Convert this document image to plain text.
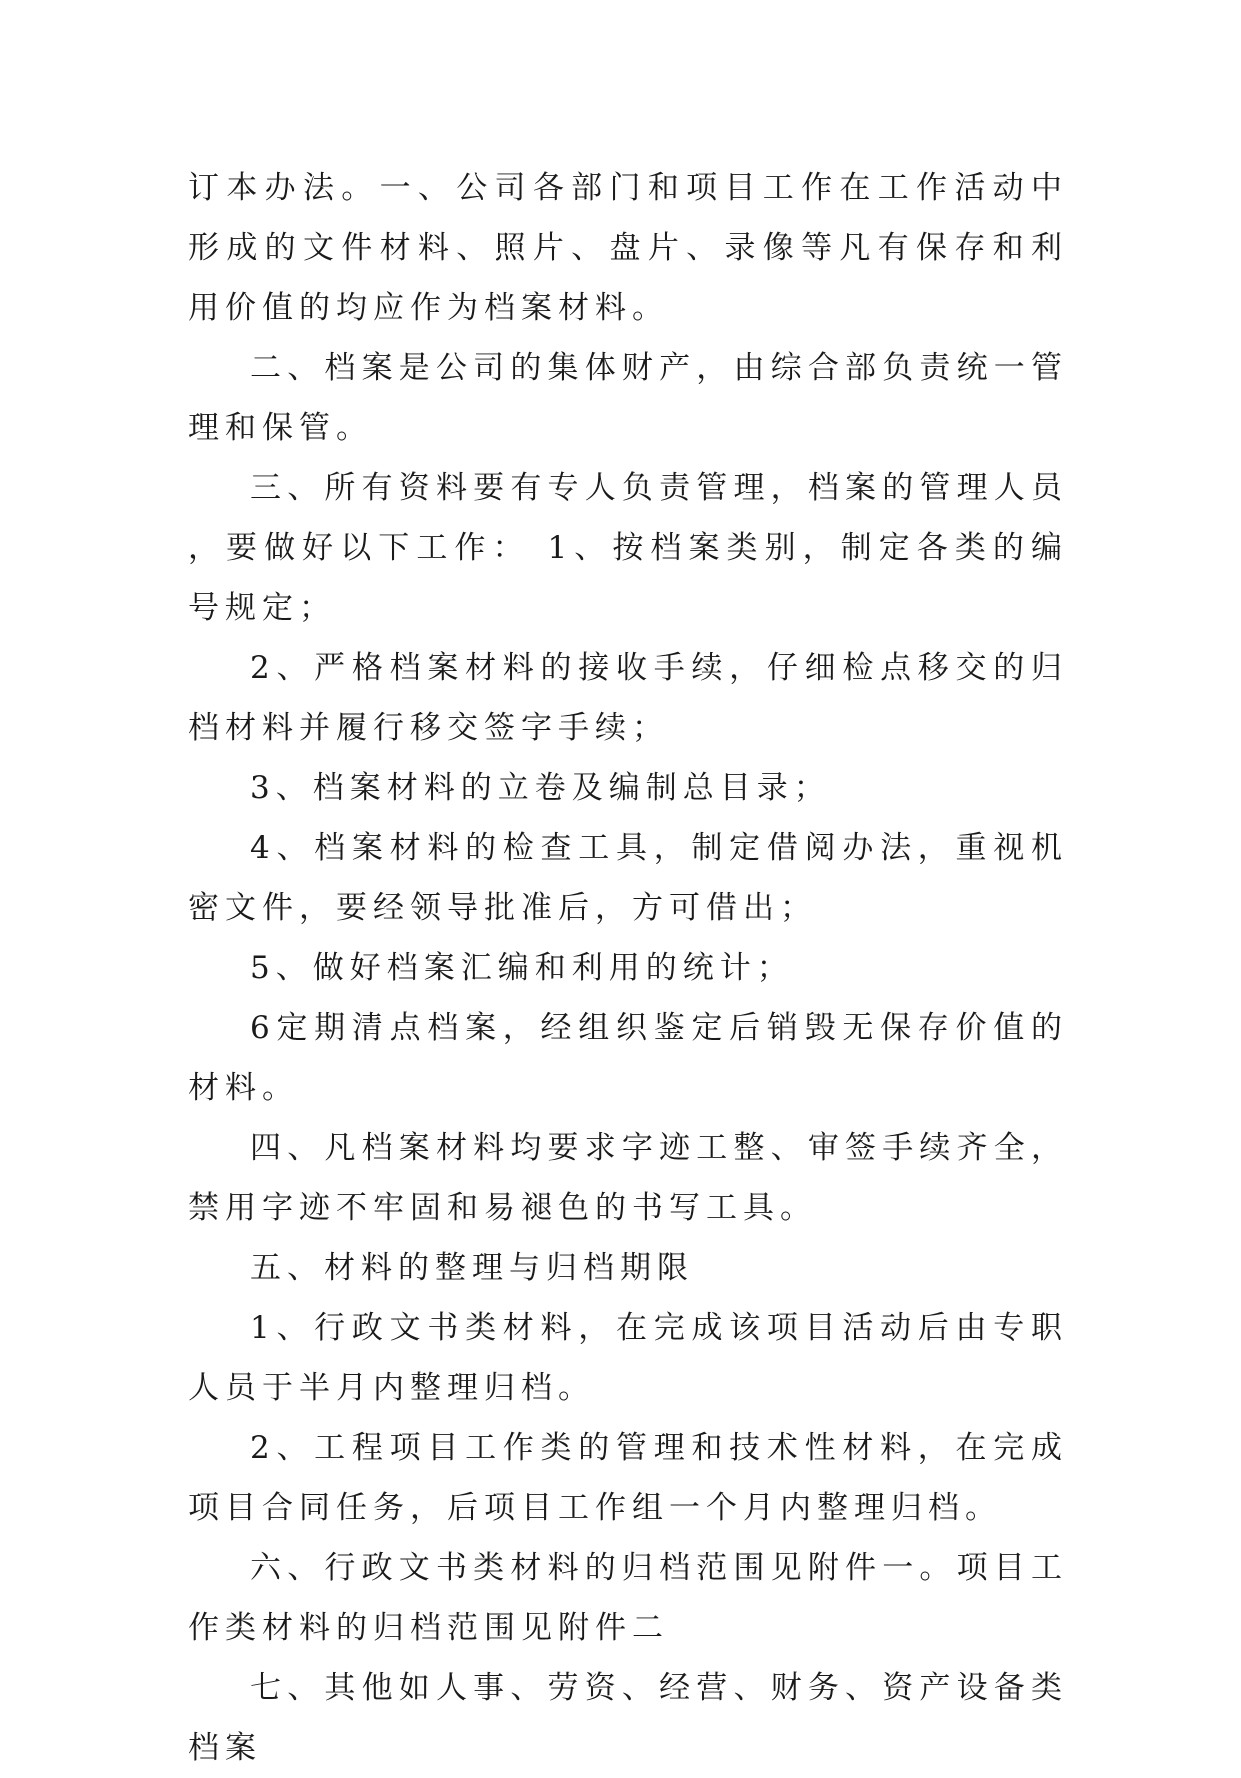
订本办法。一、公司各部门和项目工作在工作活动中形成的文件材料、照片、盘片、录像等凡有保存和利用价值的均应作为档案材料。

二、档案是公司的集体财产，由综合部负责统一管理和保管。

三、所有资料要有专人负责管理，档案的管理人员，要做好以下工作： 1、按档案类别，制定各类的编号规定；

2、严格档案材料的接收手续，仔细检点移交的归档材料并履行移交签字手续；

3、档案材料的立卷及编制总目录；

4、档案材料的检查工具，制定借阅办法，重视机密文件，要经领导批准后，方可借出；

5、做好档案汇编和利用的统计；

6定期清点档案，经组织鉴定后销毁无保存价值的材料。

四、凡档案材料均要求字迹工整、审签手续齐全，禁用字迹不牢固和易褪色的书写工具。

五、材料的整理与归档期限

1、行政文书类材料，在完成该项目活动后由专职人员于半月内整理归档。

2、工程项目工作类的管理和技术性材料，在完成项目合同任务，后项目工作组一个月内整理归档。

六、行政文书类材料的归档范围见附件一。项目工作类材料的归档范围见附件二

七、其他如人事、劳资、经营、财务、资产设备类档案
